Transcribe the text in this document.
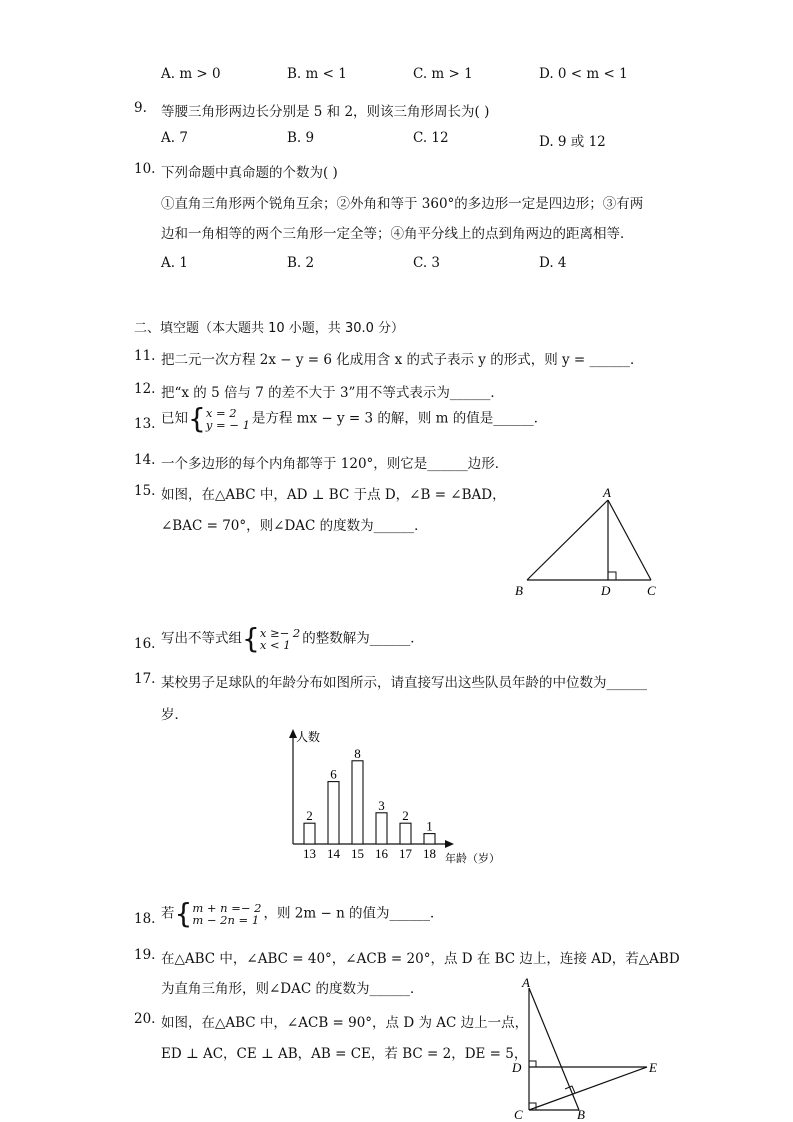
A. m > 0	B. m < 1	C. m > 1	D. 0 < m < 1
9. 等腰三角形两边长分别是 5 和 2，则该三角形周长为( )
A. 7	B. 9	C. 12	D. 9 或 12
10. 下列命题中真命题的个数为( )
①直角三角形两个锐角互余；②外角和等于 360°的多边形一定是四边形；③有两
边和一角相等的两个三角形一定全等；④角平分线上的点到角两边的距离相等．
A. 1	B. 2	C. 3	D. 4
二、填空题（本大题共 10 小题，共 30.0 分）
11. 把二元一次方程 2x − y = 6 化成用含 x 的式子表示 y 的形式，则 y = ______．
12. 把“x 的 5 倍与 7 的差不大于 3”用不等式表示为______．
13. 已知{x = 2
y = − 1 是方程 mx − y = 3 的解，则 m 的值是______．
14. 一个多边形的每个内角都等于 120°，则它是______边形．
15. 如图，在△ABC 中，AD ⊥ BC 于点 D，∠B = ∠BAD，
∠BAC = 70°，则∠DAC 的度数为______．
A
B	D	C
16. 写出不等式组{x ≥− 2
x < 1 的整数解为______．
17. 某校男子足球队的年龄分布如图所示，请直接写出这些队员年龄的中位数为______
岁．
人数
年龄（岁）
2
13
6
14
8
15
3
16
2
17
1
18
18. 若{m + n =− 2
m − 2n = 1 ，则 2m − n 的值为______．
19. 在△ABC 中，∠ABC = 40°，∠ACB = 20°，点 D 在 BC 边上，连接 AD，若△ABD
为直角三角形，则∠DAC 的度数为______．
20. 如图，在△ABC 中，∠ACB = 90°，点 D 为 AC 边上一点，
ED ⊥ AC，CE ⊥ AB，AB = CE，若 BC = 2，DE = 5，
A
D	E
C	B
